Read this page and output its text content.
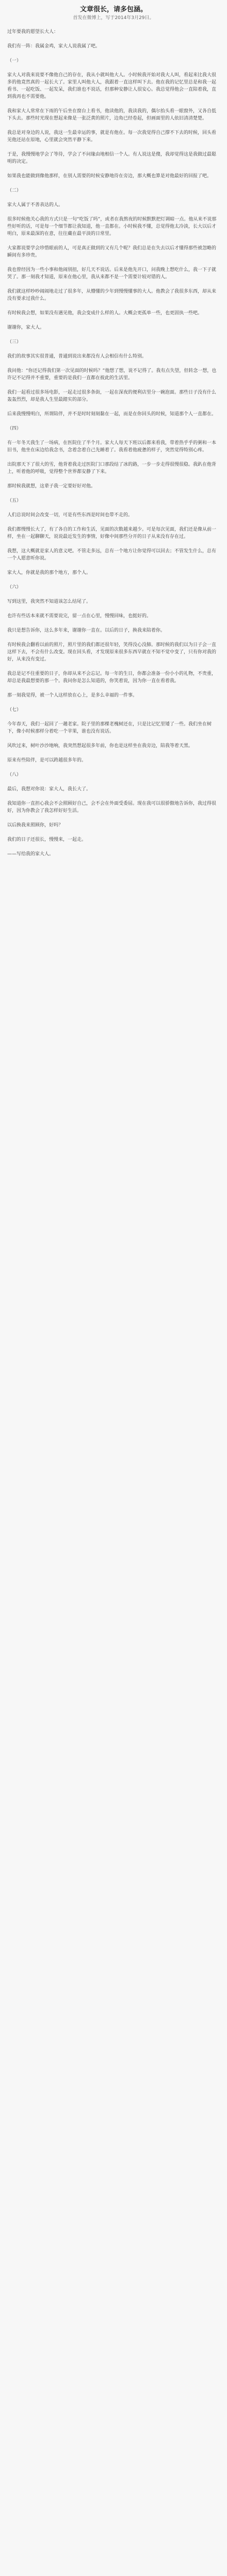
文章很长，请多包涵。
首发在微博上，写于2014年3月29日。

过年要我的愿望长大人：

我们有一阵：我属金鸡，家大人说我属了吧。

（一）

家大人对我来说要不像他自己的存在，我从小就叫他大人。小时候我开始对我大人叫，看起来比我大很多的他竟然真的一起长大了。家里人叫他大人，我跟着一直这样叫下去。他在我的记忆里总是和我一起看书、一起吃饭、一起发呆，我们谁也不说话，但那种安静让人很安心。我总觉得他会一直陪着我，直到我再也不需要他。

我和家大人常常在下雨的午后坐在窗台上看书，他读他的，我读我的，偶尔抬头看一眼窗外，又各自低下头去。那些时光现在想起来像是一张泛黄的照片，边角已经卷起，但画面里的人依旧清清楚楚。

我总是对身边的人说，我这一生最幸运的事，就是有他在。每一次我觉得自己撑不下去的时候，回头看见他还站在原地，心里就会突然平静下来。

于是，我慢慢地学会了等待，学会了不问缘由地相信一个人。有人说这是傻，我却觉得这是我做过最聪明的决定。

如果我也能做到像他那样，在别人需要的时候安静地待在旁边，那大概也算是对他最好的回报了吧。

（二）

家大人属于不善表达的人。

很多时候他关心我的方式只是一句“吃饭了吗”，或者在我熬夜的时候默默把灯调暗一点。他从来不说那些好听的话，可是每一个细节都让我知道，他一直都在。小时候我不懂，总觉得他太冷淡，长大以后才明白，原来最深的在意，往往藏在最平淡的日常里。

大家都说要学会珍惜眼前的人，可是真正做到的又有几个呢？我们总是在失去以后才懂得那些被忽略的瞬间有多珍贵。

我也曾经因为一些小事和他闹别扭，好几天不说话。后来是他先开口，问我晚上想吃什么，我一下子就哭了。那一刻我才知道，原来在他心里，我从来都不是一个需要计较对错的人。

我们就这样吵吵闹闹地走过了很多年，从懵懂的少年到慢慢懂事的大人。他教会了我很多东西，却从来没有要求过我什么。

有时候我会想，如果没有遇见他，我会变成什么样的人。大概会更孤单一些，也更固执一些吧。

谢谢你，家大人。

（三）

我们的故事其实很普通，普通到说出来都没有人会相信有什么特别。

我问他：“你还记得我们第一次见面的时候吗？”他想了想，说不记得了。我有点失望，但转念一想，也许记不记得并不重要，重要的是我们一直都在彼此的生活里。

我们一起看过很多场电影，一起走过很多条街，一起在深夜的便利店里分一碗泡面。那些日子没有什么轰轰烈烈，却是我人生里最踏实的部分。

后来我慢慢明白，所谓陪伴，并不是时时刻刻黏在一起，而是在你回头的时候，知道那个人一直都在。

（四）

有一年冬天我生了一场病，在医院住了半个月。家大人每天下班以后都来看我，带着热乎乎的粥和一本旧书，他坐在床边给我念书，念着念着自己先睡着了。我看着他疲惫的样子，突然觉得特别心疼。

出院那天下了很大的雪，他背着我走过医院门口那段结了冰的路，一步一步走得很慢很稳。我趴在他背上，听着他的呼吸，觉得整个世界都安静了下来。

那时候我就想，这辈子我一定要好好对他。

（五）

人们总说时间会改变一切，可是有些东西是时间也带不走的。

我们都慢慢长大了，有了各自的工作和生活，见面的次数越来越少。可是每次见面，我们还是像从前一样，坐在一起聊聊天，说说最近发生的事情，好像中间那些分开的日子从来没有存在过。

我想，这大概就是家人的意义吧。不管走多远，总有一个地方让你觉得可以回去；不管发生什么，总有一个人愿意听你说。

家大人，你就是我的那个地方，那个人。

（六）

写到这里，我突然不知道该怎么结尾了。

也许有些话本来就不需要说完，留一点在心里，慢慢回味，也挺好的。

我只是想告诉你，这么多年来，谢谢你一直在。以后的日子，换我来陪着你。

有时候我会翻看以前的照片，照片里的我们都还很年轻，笑得没心没肺。那时候的我们以为日子会一直这样下去，不会有什么改变。现在回头看，才发现原来很多东西早就在不知不觉中变了，只有你对我的好，从来没有变过。

我总是记不住重要的日子，你却从来不会忘记。每一年的生日，你都会准备一份小小的礼物，不贵重，却总是我最想要的那一个。我问你是怎么知道的，你笑着说，因为你一直在看着我。

那一刻我觉得，被一个人这样放在心上，是多么幸福的一件事。

（七）

今年春天，我们一起回了一趟老家。院子里的那棵老槐树还在，只是比记忆里矮了一些。我们坐在树下，像小时候那样分着吃一个苹果，谁也没有说话。

风吹过来，树叶沙沙地响，我突然想起很多年前，你也是这样坐在我旁边，陪我等着天黑。

原来有些陪伴，是可以跨越很多年的。

（八）

最后，我想对你说：家大人，我长大了。

我知道你一直担心我会不会照顾好自己，会不会在外面受委屈。现在我可以很骄傲地告诉你，我过得很好，因为你教会了我怎样好好生活。

以后换我来照顾你，好吗？

我们的日子还很长，慢慢来，一起走。

——写给我的家大人。
